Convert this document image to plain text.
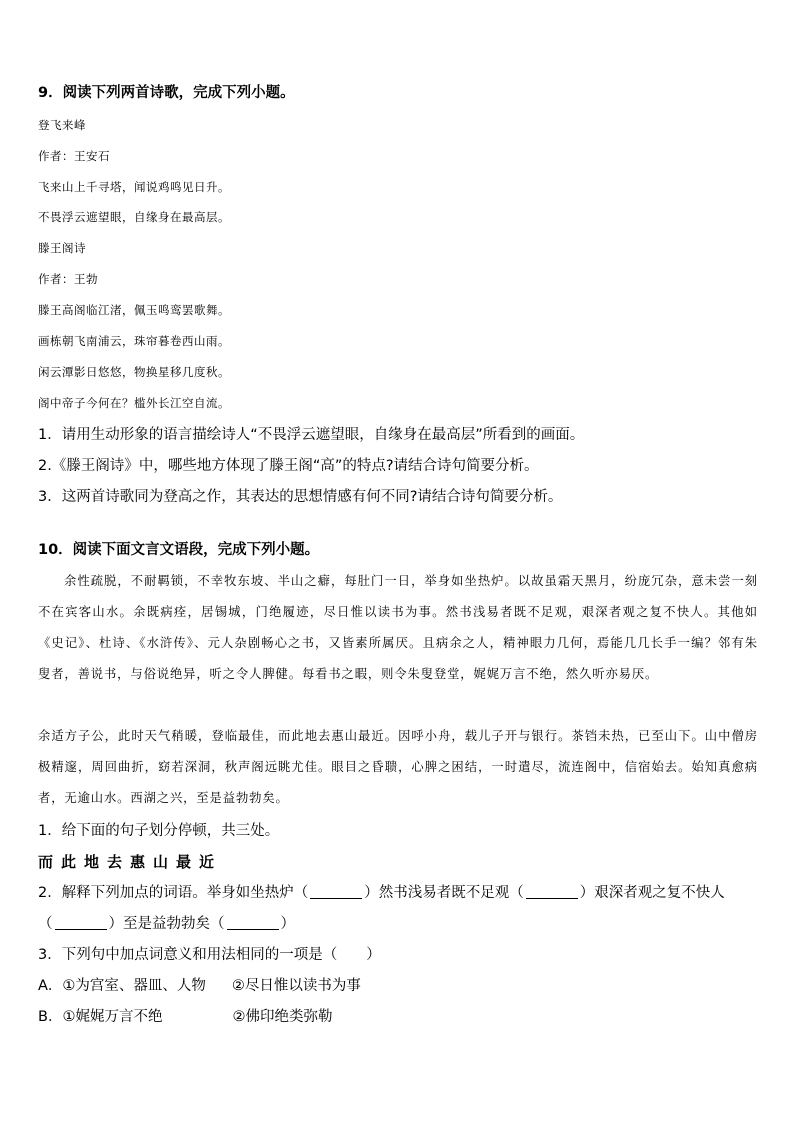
9．阅读下列两首诗歌，完成下列小题。
登飞来峰
作者：王安石
飞来山上千寻塔，闻说鸡鸣见日升。
不畏浮云遮望眼，自缘身在最高层。
滕王阁诗
作者：王勃
滕王高阁临江渚，佩玉鸣鸾罢歌舞。
画栋朝飞南浦云，珠帘暮卷西山雨。
闲云潭影日悠悠，物换星移几度秋。
阁中帝子今何在？槛外长江空自流。
1．请用生动形象的语言描绘诗人“不畏浮云遮望眼，自缘身在最高层”所看到的画面。
2.《滕王阁诗》中，哪些地方体现了滕王阁“高”的特点?请结合诗句简要分析。
3．这两首诗歌同为登高之作，其表达的思想情感有何不同?请结合诗句简要分析。
10．阅读下面文言文语段，完成下列小题。
余性疏脱，不耐羁锁，不幸牧东坡、半山之癖，每肚门一日，举身如坐热炉。以故虽霜天黑月，纷庞冗杂，意未尝一刻不在宾客山水。余既病痊，居锡城，门绝履迹，尽日惟以读书为事。然书浅易者既不足观，艰深者观之复不快人。其他如《史记》、杜诗、《水浒传》、元人杂剧畅心之书，又皆素所属厌。且病余之人，精神眼力几何，焉能几几长手一编？邻有朱叟者，善说书，与俗说绝异，听之令人脾健。每看书之暇，则令朱叟登堂，娓娓万言不绝，然久听亦易厌。
余适方子公，此时天气稍暖，登临最佳，而此地去惠山最近。因呼小舟，载儿子开与银行。茶铛未热，已至山下。山中僧房极精邃，周回曲折，窈若深洞，秋声阁远眺尤佳。眼目之昏聩，心脾之困结，一时遣尽，流连阁中，信宿始去。始知真愈病者，无逾山水。西湖之兴，至是益勃勃矣。
1．给下面的句子划分停顿，共三处。
而此地去惠山最近
2．解释下列加点的词语。举身如坐热炉（	）然书浅易者既不足观（	）艰深者观之复不快人
（	）至是益勃勃矣（	）
3．下列句中加点词意义和用法相同的一项是（　　）
A．①为宫室、器皿、人物 ②尽日惟以读书为事
B．①娓娓万言不绝	②佛印绝类弥勒
